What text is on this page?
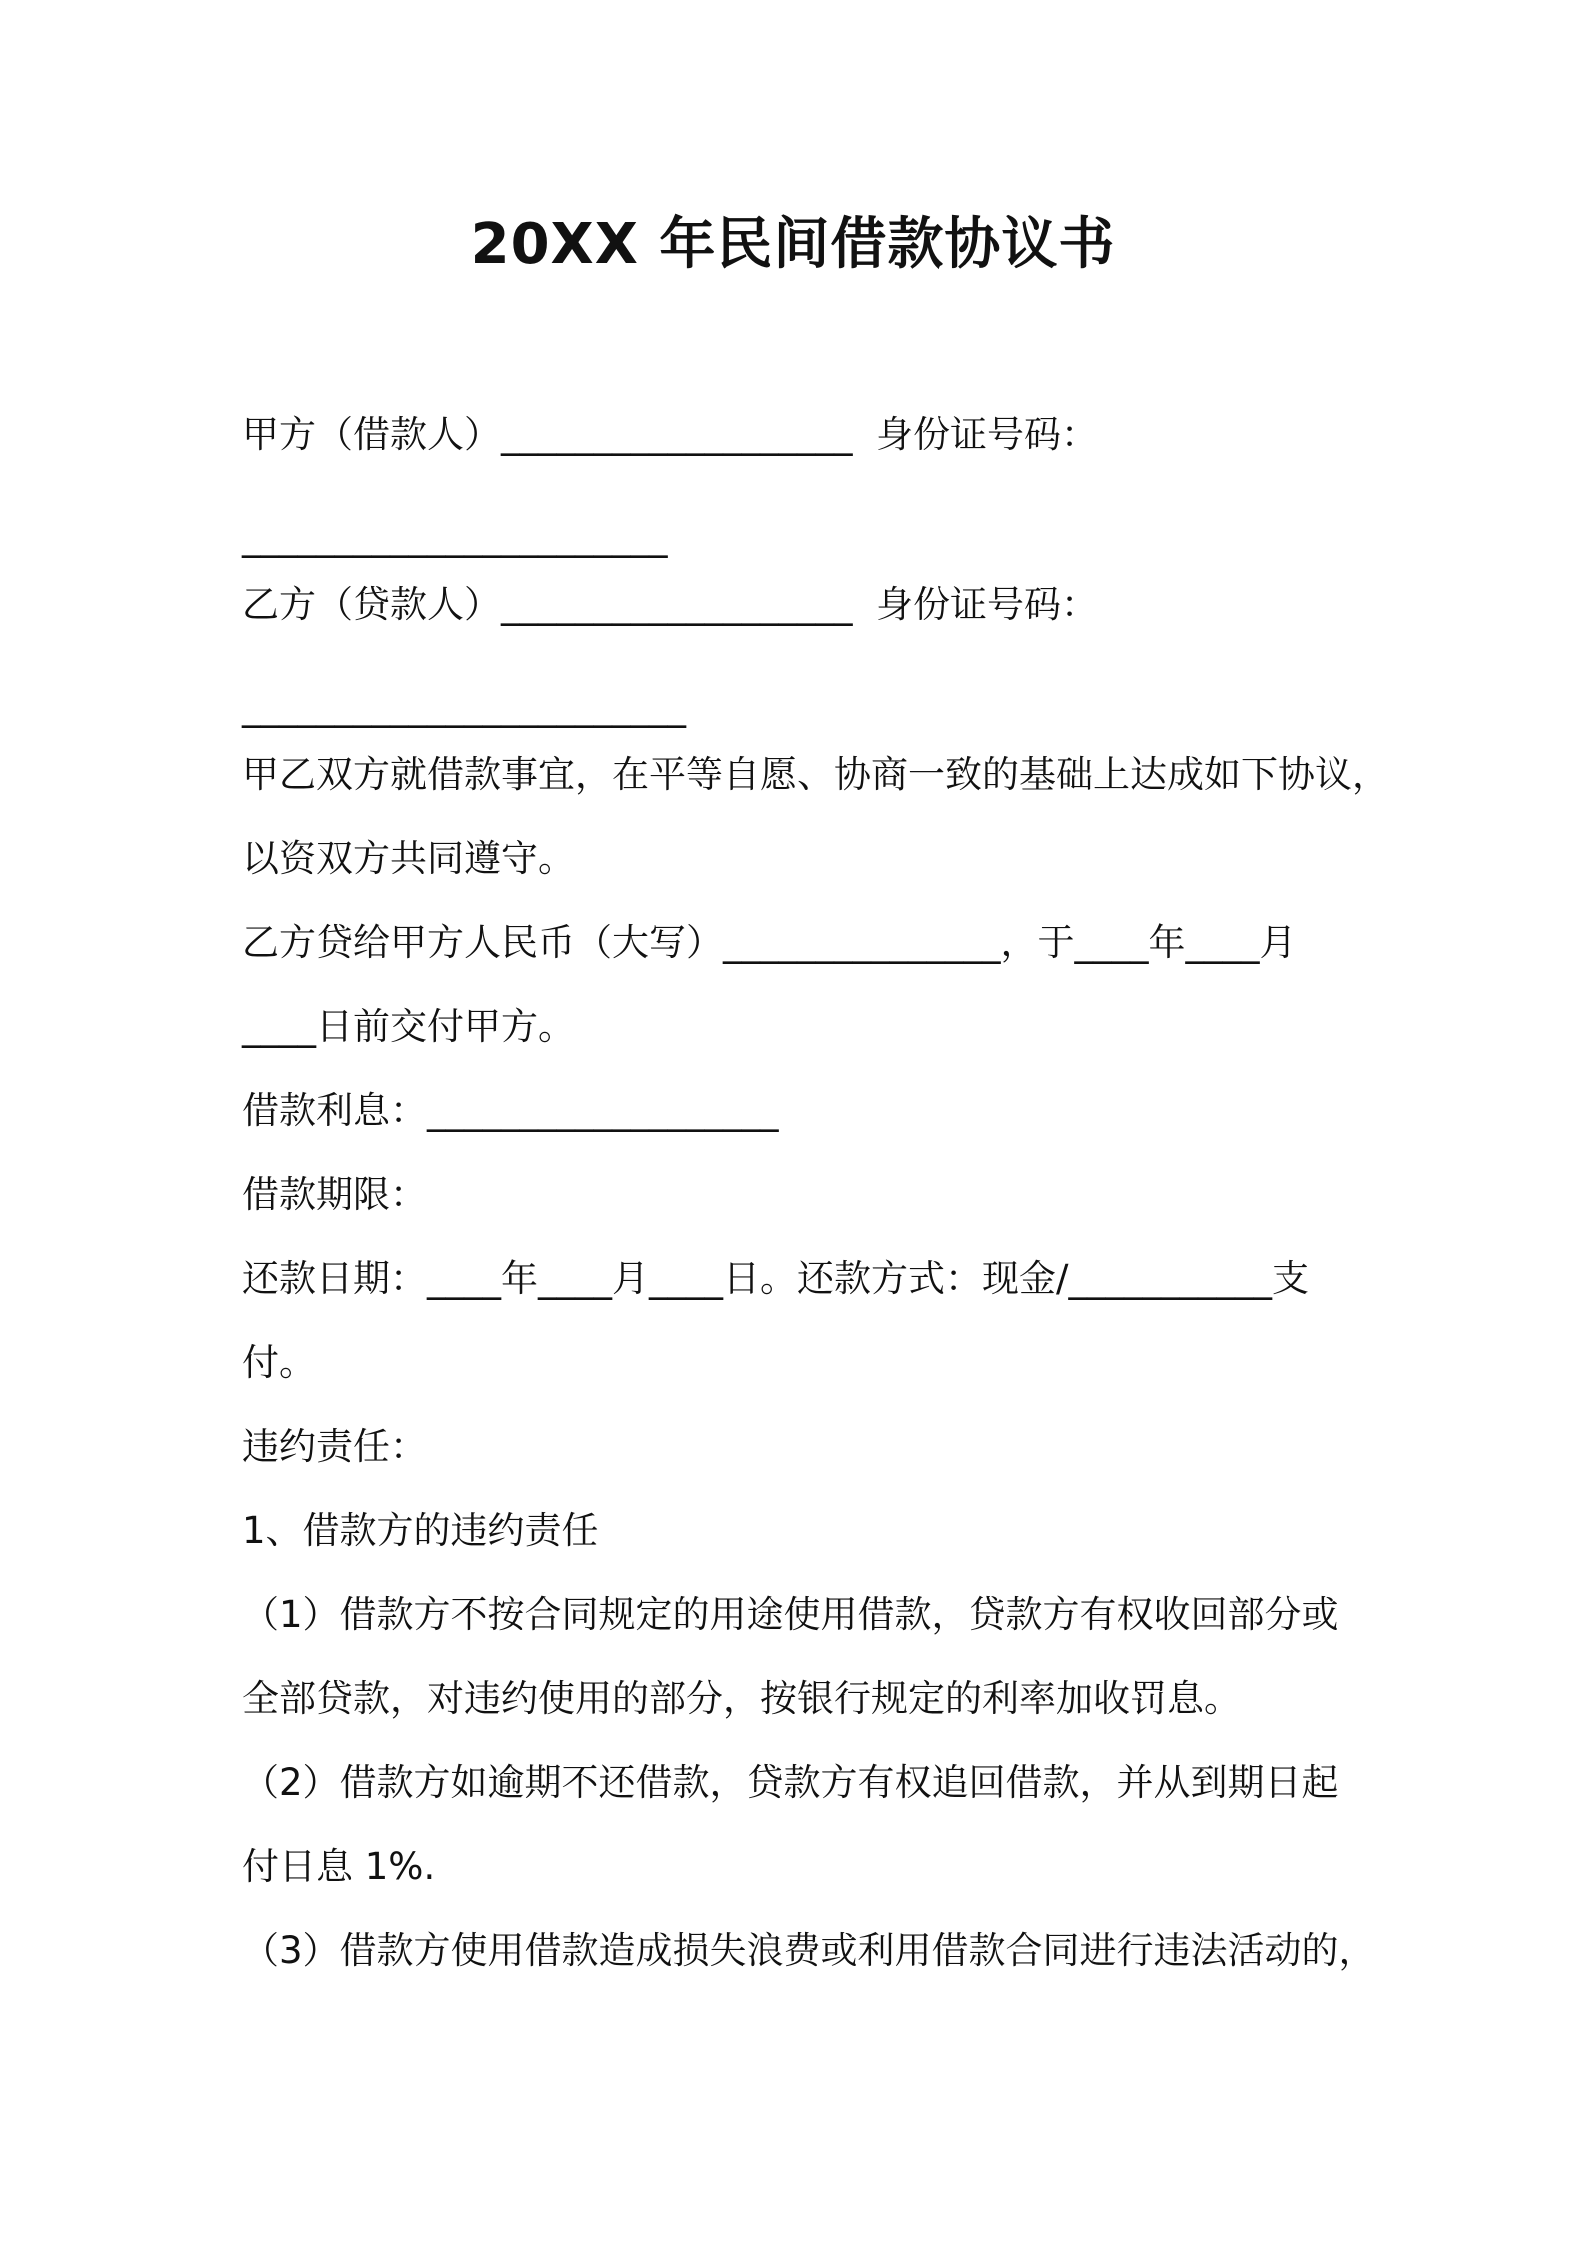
20XX 年民间借款协议书
甲方（借款人）___________________  身份证号码：
_______________________
乙方（贷款人）___________________  身份证号码：
________________________
甲乙双方就借款事宜，在平等自愿、协商一致的基础上达成如下协议，
以资双方共同遵守。
乙方贷给甲方人民币（大写）_______________，于____年____月
____日前交付甲方。
借款利息：___________________
借款期限：
还款日期：____年____月____日。还款方式：现金/___________支
付。
违约责任：
1、借款方的违约责任
（1）借款方不按合同规定的用途使用借款，贷款方有权收回部分或
全部贷款，对违约使用的部分，按银行规定的利率加收罚息。
（2）借款方如逾期不还借款，贷款方有权追回借款，并从到期日起
付日息 1%.
（3）借款方使用借款造成损失浪费或利用借款合同进行违法活动的，
